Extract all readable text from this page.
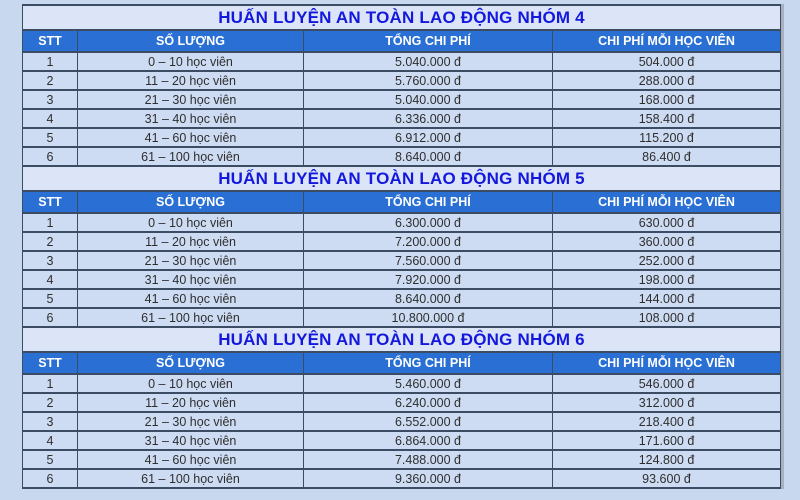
HUẤN LUYỆN AN TOÀN LAO ĐỘNG NHÓM 4			
STT	SỐ LƯỢNG	TỔNG CHI PHÍ	CHI PHÍ MỖI HỌC VIÊN
1	0 – 10 học viên	5.040.000 đ	504.000 đ
2	11 – 20 học viên	5.760.000 đ	288.000 đ
3	21 – 30 học viên	5.040.000 đ	168.000 đ
4	31 – 40 học viên	6.336.000 đ	158.400 đ
5	41 – 60 học viên	6.912.000 đ	115.200 đ
6	61 – 100 học viên	8.640.000 đ	86.400 đ
HUẤN LUYỆN AN TOÀN LAO ĐỘNG NHÓM 5			
STT	SỐ LƯỢNG	TỔNG CHI PHÍ	CHI PHÍ MỖI HỌC VIÊN
1	0 – 10 học viên	6.300.000 đ	630.000 đ
2	11 – 20 học viên	7.200.000 đ	360.000 đ
3	21 – 30 học viên	7.560.000 đ	252.000 đ
4	31 – 40 học viên	7.920.000 đ	198.000 đ
5	41 – 60 học viên	8.640.000 đ	144.000 đ
6	61 – 100 học viên	10.800.000 đ	108.000 đ
HUẤN LUYỆN AN TOÀN LAO ĐỘNG NHÓM 6			
STT	SỐ LƯỢNG	TỔNG CHI PHÍ	CHI PHÍ MỖI HỌC VIÊN
1	0 – 10 học viên	5.460.000 đ	546.000 đ
2	11 – 20 học viên	6.240.000 đ	312.000 đ
3	21 – 30 học viên	6.552.000 đ	218.400 đ
4	31 – 40 học viên	6.864.000 đ	171.600 đ
5	41 – 60 học viên	7.488.000 đ	124.800 đ
6	61 – 100 học viên	9.360.000 đ	93.600 đ
